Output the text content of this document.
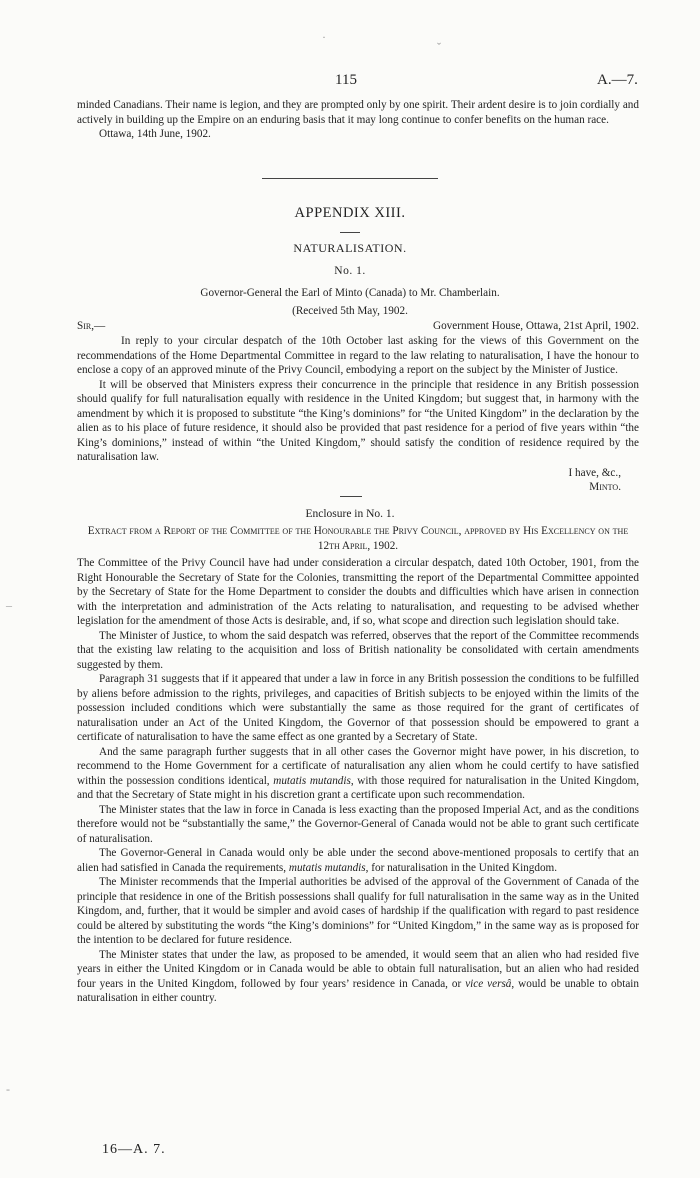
·
ˇ
115	A.—7.

minded Canadians. Their name is legion, and they are prompted only by one spirit. Their ardent desire is to join cordially and actively in building up the Empire on an enduring basis that it may long continue to confer benefits on the human race.

Ottawa, 14th June, 1902.

APPENDIX XIII.
NATURALISATION.
No. 1.
Governor-General the Earl of Minto (Canada) to Mr. Chamberlain.
(Received 5th May, 1902.
Sir,—	Government House, Ottawa, 21st April, 1902.

In reply to your circular despatch of the 10th October last asking for the views of this Government on the recommendations of the Home Departmental Committee in regard to the law relating to naturalisation, I have the honour to enclose a copy of an approved minute of the Privy Council, embodying a report on the subject by the Minister of Justice.

It will be observed that Ministers express their concurrence in the principle that residence in any British possession should qualify for full naturalisation equally with residence in the United Kingdom; but suggest that, in harmony with the amendment by which it is proposed to substitute “the King’s dominions” for “the United Kingdom” in the declaration by the alien as to his place of future residence, it should also be provided that past residence for a period of five years within “the King’s dominions,” instead of within “the United Kingdom,” should satisfy the condition of residence required by the naturalisation law.

I have, &c.,
Minto.
Enclosure in No. 1.

Extract from a Report of the Committee of the Honourable the Privy Council, approved by His Excellency on the 12th April, 1902.

The Committee of the Privy Council have had under consideration a circular despatch, dated 10th October, 1901, from the Right Honourable the Secretary of State for the Colonies, transmitting the report of the Departmental Committee appointed by the Secretary of State for the Home Department to consider the doubts and difficulties which have arisen in connection with the interpretation and administration of the Acts relating to naturalisation, and requesting to be advised whether legislation for the amendment of those Acts is desirable, and, if so, what scope and direction such legislation should take.

The Minister of Justice, to whom the said despatch was referred, observes that the report of the Committee recommends that the existing law relating to the acquisition and loss of British nationality be consolidated with certain amendments suggested by them.

Paragraph 31 suggests that if it appeared that under a law in force in any British possession the conditions to be fulfilled by aliens before admission to the rights, privileges, and capacities of British subjects to be enjoyed within the limits of the possession included conditions which were substantially the same as those required for the grant of certificates of naturalisation under an Act of the United Kingdom, the Governor of that possession should be empowered to grant a certificate of naturalisation to have the same effect as one granted by a Secretary of State.

And the same paragraph further suggests that in all other cases the Governor might have power, in his discretion, to recommend to the Home Government for a certificate of naturalisation any alien whom he could certify to have satisfied within the possession conditions identical, mutatis mutandis, with those required for naturalisation in the United Kingdom, and that the Secretary of State might in his discretion grant a certificate upon such recommendation.

The Minister states that the law in force in Canada is less exacting than the proposed Imperial Act, and as the conditions therefore would not be “substantially the same,” the Governor-General of Canada would not be able to grant such certificate of naturalisation.

The Governor-General in Canada would only be able under the second above-mentioned proposals to certify that an alien had satisfied in Canada the requirements, mutatis mutandis, for naturalisation in the United Kingdom.

The Minister recommends that the Imperial authorities be advised of the approval of the Government of Canada of the principle that residence in one of the British possessions shall qualify for full naturalisation in the same way as in the United Kingdom, and, further, that it would be simpler and avoid cases of hardship if the qualification with regard to past residence could be altered by substituting the words “the King’s dominions” for “United Kingdom,” in the same way as is proposed for the intention to be declared for future residence.

The Minister states that under the law, as proposed to be amended, it would seem that an alien who had resided five years in either the United Kingdom or in Canada would be able to obtain full naturalisation, but an alien who had resided four years in the United Kingdom, followed by four years’ residence in Canada, or vice versâ, would be unable to obtain naturalisation in either country.

16—A. 7.
–
-
